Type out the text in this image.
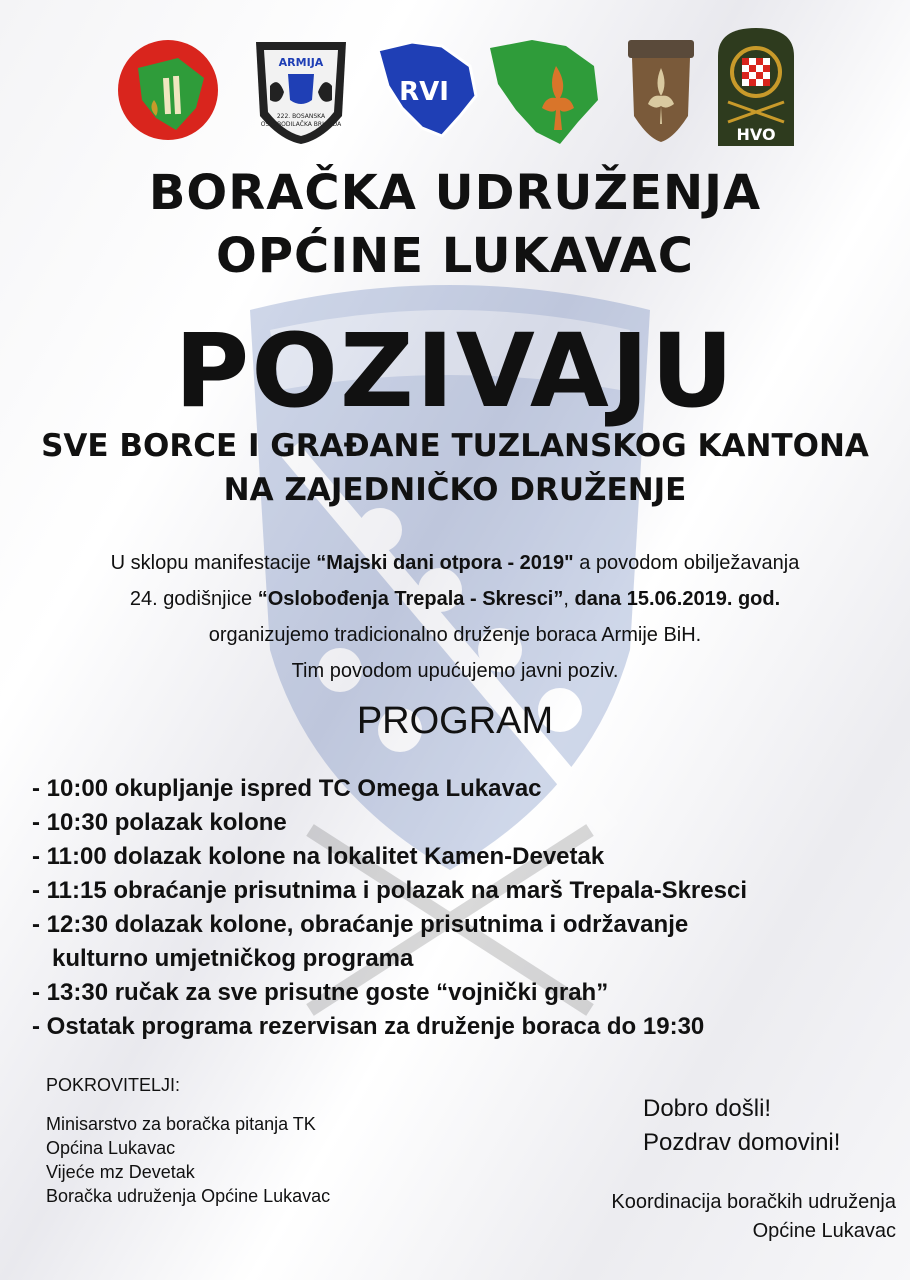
ARMIJA
222. BOSANSKA
OSLOBODILAČKA BRIGADA
RVI
HVO
BORAČKA UDRUŽENJA
OPĆINE LUKAVAC
POZIVAJU
SVE BORCE I GRAĐANE TUZLANSKOG KANTONA
NA ZAJEDNIČKO DRUŽENJE
U sklopu manifestacije “Majski dani otpora - 2019" a povodom obilježavanja
24. godišnjice “Oslobođenja Trepala - Skresci”, dana 15.06.2019. god.
organizujemo tradicionalno druženje boraca Armije BiH.
Tim povodom upućujemo javni poziv.
PROGRAM
- 10:00 okupljanje ispred TC Omega Lukavac
- 10:30 polazak kolone
- 11:00 dolazak kolone na lokalitet Kamen-Devetak
- 11:15 obraćanje prisutnima i polazak na marš Trepala-Skresci
- 12:30 dolazak kolone, obraćanje prisutnima i održavanje
kulturno umjetničkog programa
- 13:30 ručak za sve prisutne goste “vojnički grah”
- Ostatak programa rezervisan za druženje boraca do 19:30
POKROVITELJI:
Minisarstvo za boračka pitanja TK
Općina Lukavac
Vijeće mz Devetak
Boračka udruženja Općine Lukavac
Dobro došli!
Pozdrav domovini!
Koordinacija boračkih udruženja
Općine Lukavac
